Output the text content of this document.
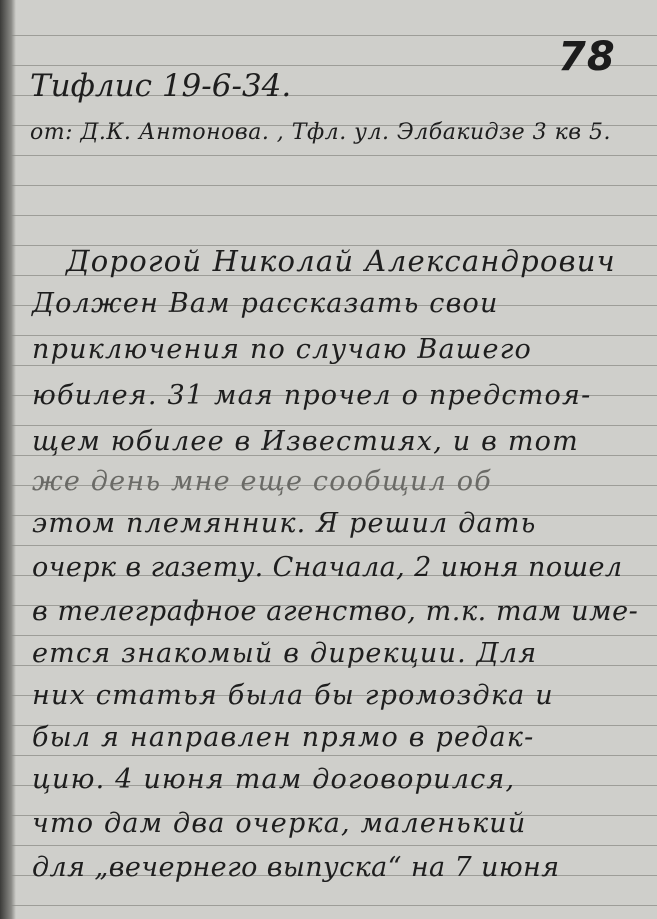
78
Тифлис 19-6-34.
от: Д.К. Антонова. , Тфл. ул. Элбакидзе 3 кв 5.
Дорогой Николай Александрович
Должен Вам рассказать свои
приключения по случаю Вашего
юбилея. 31 мая прочел о предстоя-
щем юбилее в Известиях, и в тот
же день мне еще сообщил об
этом племянник. Я решил дать
очерк в газету. Сначала, 2 июня пошел
в телеграфное агенство, т.к. там име-
ется знакомый в дирекции. Для
них статья была бы громоздка и
был я направлен прямо в редак-
цию. 4 июня там договорился,
что дам два очерка, маленький
для „вечернего выпуска“ на 7 июня
